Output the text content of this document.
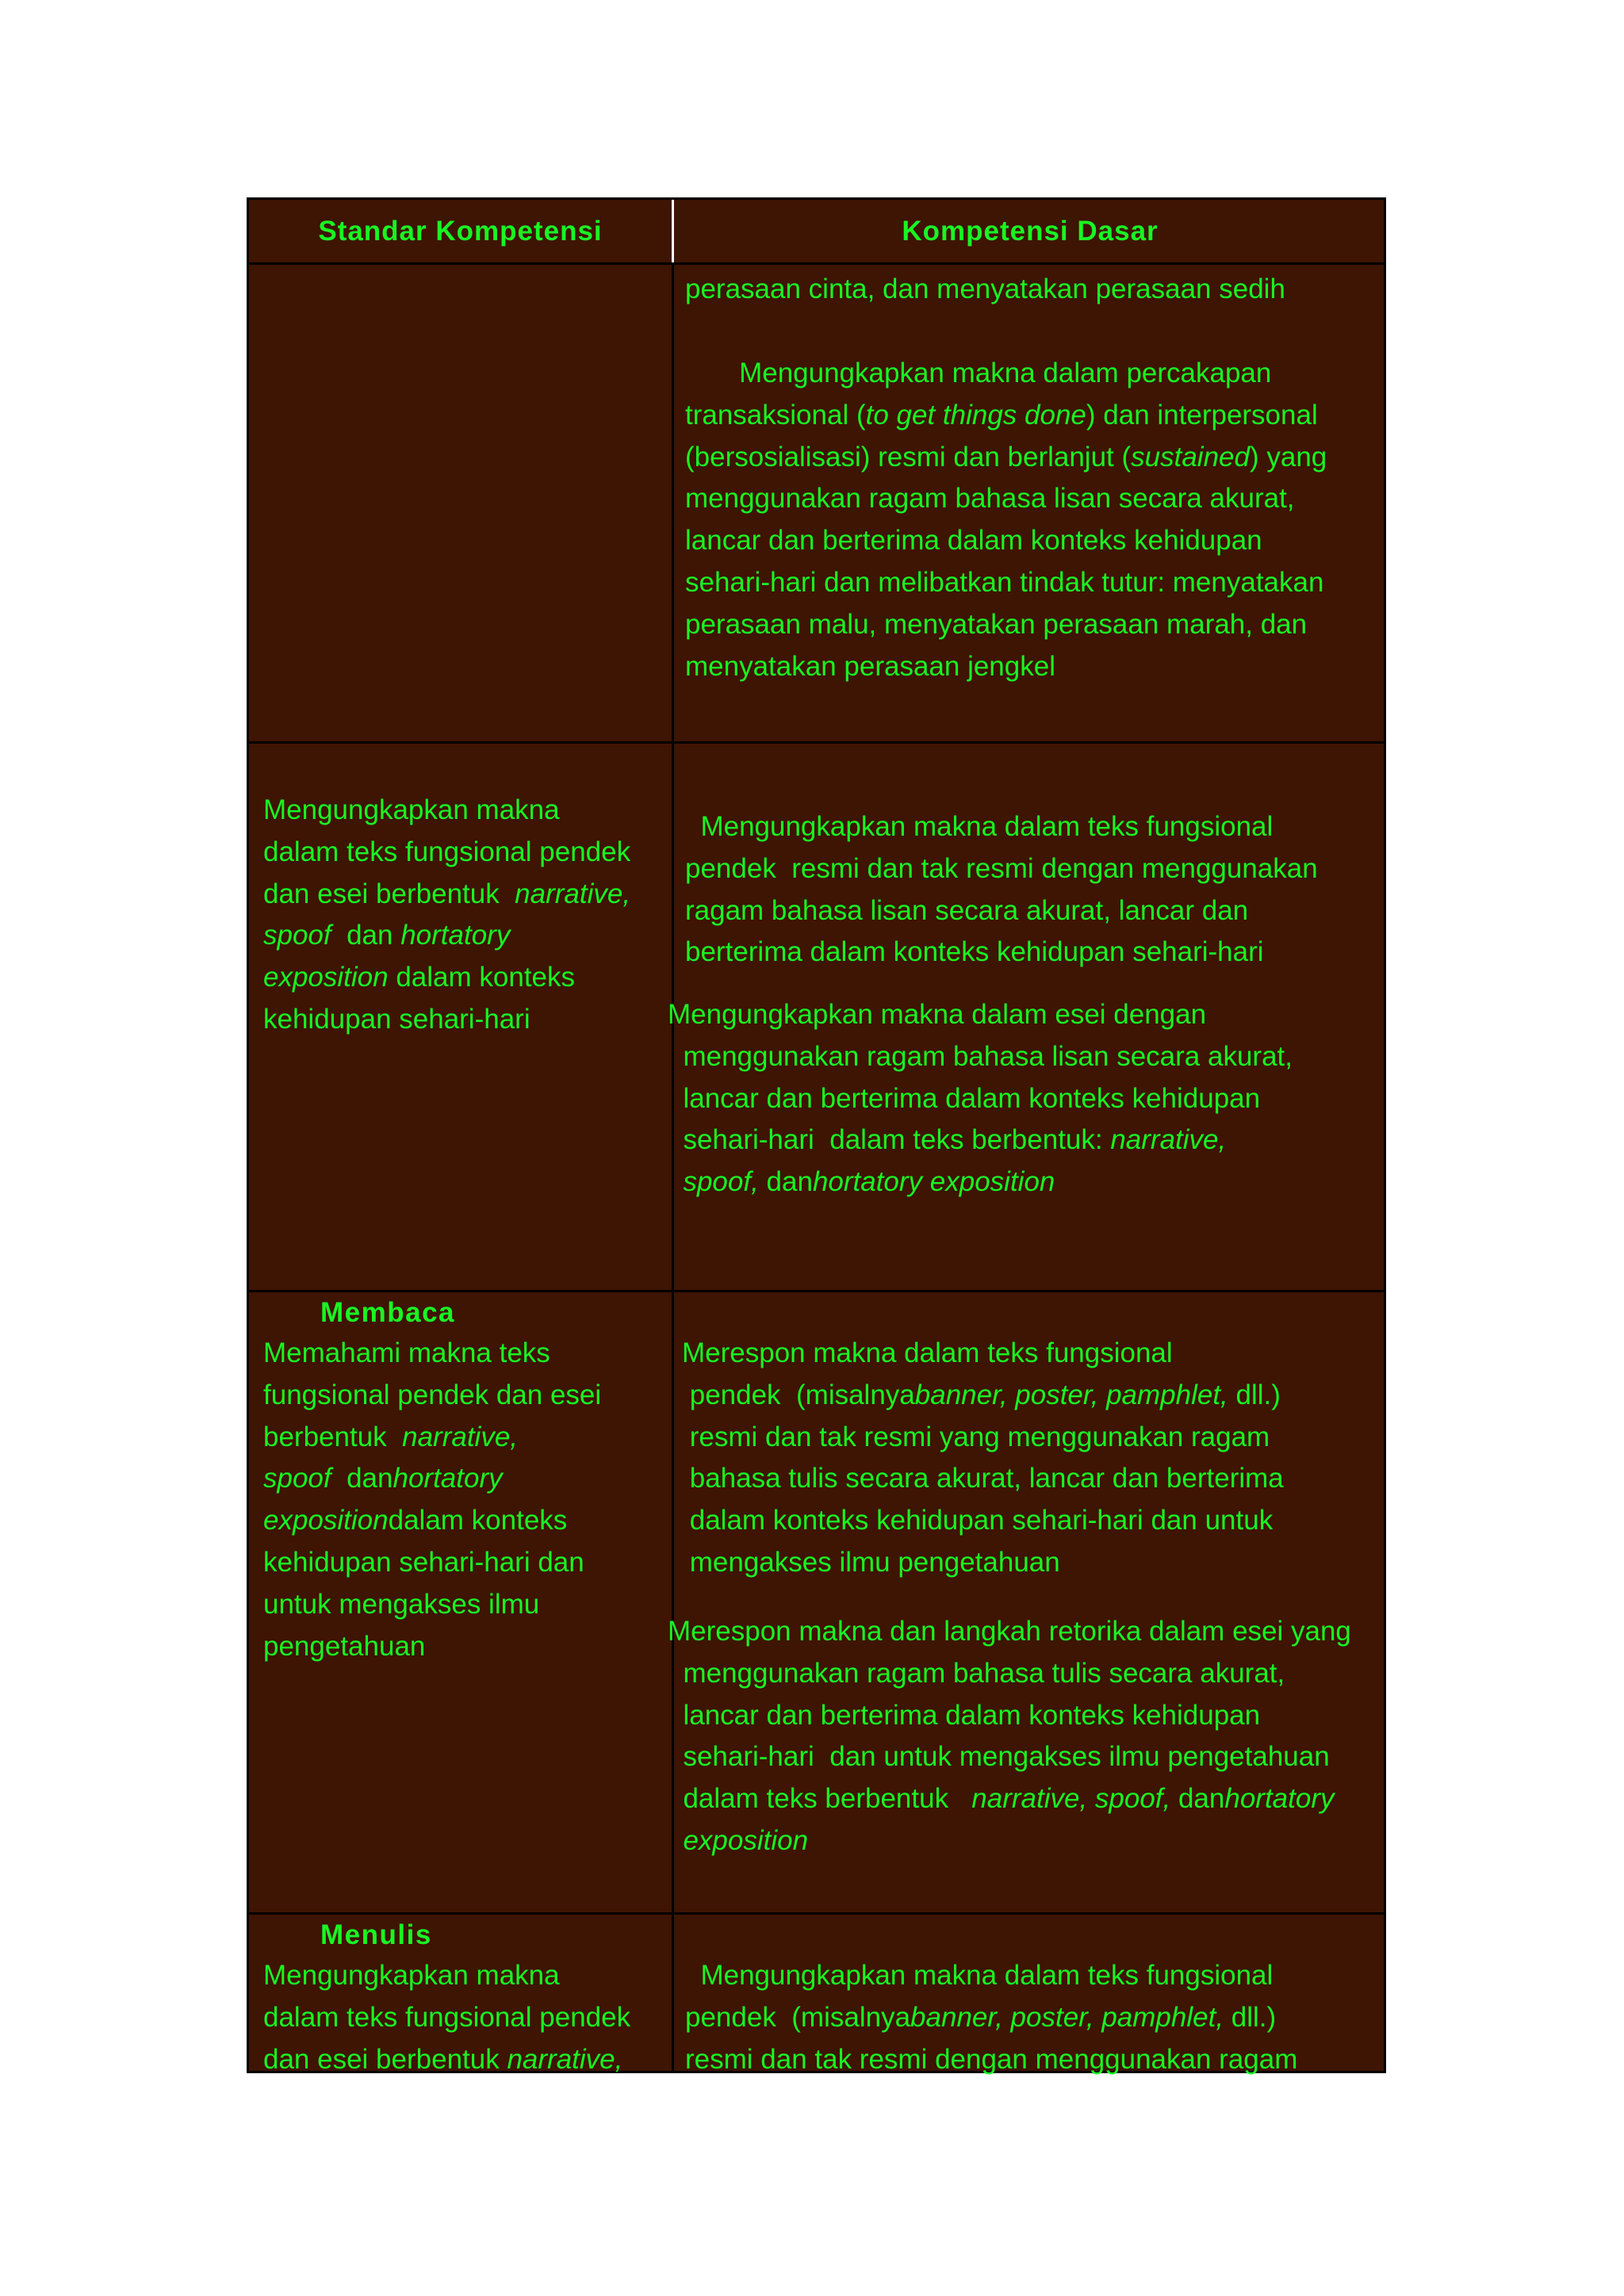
Standar Kompetensi	Kompetensi Dasar
perasaan cinta, dan menyatakan perasaan sedih
Mengungkapkan makna dalam percakapan
transaksional (to get things done) dan interpersonal
(bersosialisasi) resmi dan berlanjut (sustained) yang
menggunakan ragam bahasa lisan secara akurat,
lancar dan berterima dalam konteks kehidupan
sehari-hari dan melibatkan tindak tutur: menyatakan
perasaan malu, menyatakan perasaan marah, dan
menyatakan perasaan jengkel
Mengungkapkan makna
dalam teks fungsional pendek
dan esei berbentuk  narrative,
spoof  dan hortatory
exposition dalam konteks
kehidupan sehari-hari
Mengungkapkan makna dalam teks fungsional
pendek  resmi dan tak resmi dengan menggunakan
ragam bahasa lisan secara akurat, lancar dan
berterima dalam konteks kehidupan sehari-hari
Mengungkapkan makna dalam esei dengan
menggunakan ragam bahasa lisan secara akurat,
lancar dan berterima dalam konteks kehidupan
sehari-hari  dalam teks berbentuk: narrative,
spoof, danhortatory exposition
Membaca
Memahami makna teks
fungsional pendek dan esei
berbentuk  narrative,
spoof  danhortatory
expositiondalam konteks
kehidupan sehari-hari dan
untuk mengakses ilmu
pengetahuan
Merespon makna dalam teks fungsional
pendek  (misalnyabanner, poster, pamphlet, dll.)
resmi dan tak resmi yang menggunakan ragam
bahasa tulis secara akurat, lancar dan berterima
dalam konteks kehidupan sehari-hari dan untuk
mengakses ilmu pengetahuan
Merespon makna dan langkah retorika dalam esei yang
menggunakan ragam bahasa tulis secara akurat,
lancar dan berterima dalam konteks kehidupan
sehari-hari  dan untuk mengakses ilmu pengetahuan
dalam teks berbentuk   narrative, spoof, danhortatory
exposition
Menulis
Mengungkapkan makna
dalam teks fungsional pendek
dan esei berbentuk narrative,
Mengungkapkan makna dalam teks fungsional
pendek  (misalnyabanner, poster, pamphlet, dll.)
resmi dan tak resmi dengan menggunakan ragam
